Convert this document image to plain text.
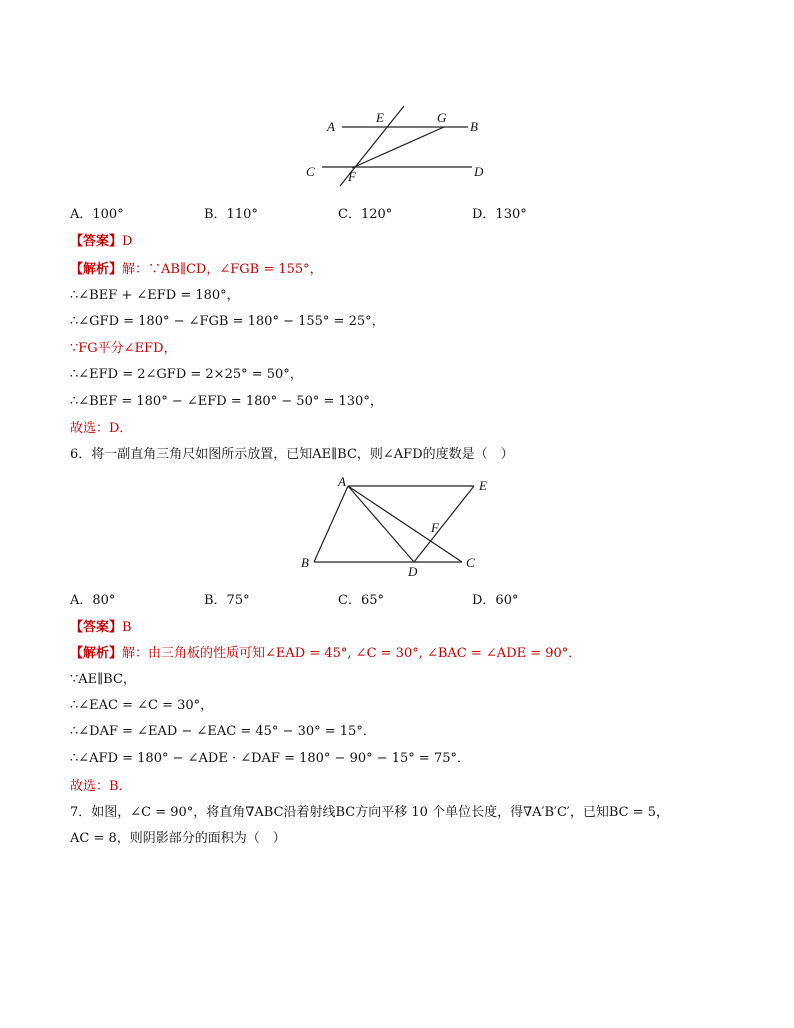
A
E	G
B
C	F	D
A．100°	B．110°	C．120°	D．130°
【答案】D
【解析】解：∵AB∥CD，∠FGB = 155°，
∴∠BEF + ∠EFD = 180°，
∴∠GFD = 180° − ∠FGB = 180° − 155° = 25°，
∵FG平分∠EFD，
∴∠EFD = 2∠GFD = 2×25° = 50°，
∴∠BEF = 180° − ∠EFD = 180° − 50° = 130°，
故选：D．
6．将一副直角三角尺如图所示放置，已知AE∥BC，则∠AFD的度数是（　）
A	E
F
B
D
C
A．80°	B．75°	C．65°	D．60°
【答案】B
【解析】解：由三角板的性质可知∠EAD = 45°, ∠C = 30°, ∠BAC = ∠ADE = 90°．
∵AE∥BC，
∴∠EAC = ∠C = 30°，
∴∠DAF = ∠EAD − ∠EAC = 45° − 30° = 15°．
∴∠AFD = 180° − ∠ADE · ∠DAF = 180° − 90° − 15° = 75°．
故选：B．
7．如图，∠C = 90°，将直角∇ABC沿着射线BC方向平移 10 个单位长度，得∇A′B′C′，已知BC = 5，
AC = 8，则阴影部分的面积为（　）
